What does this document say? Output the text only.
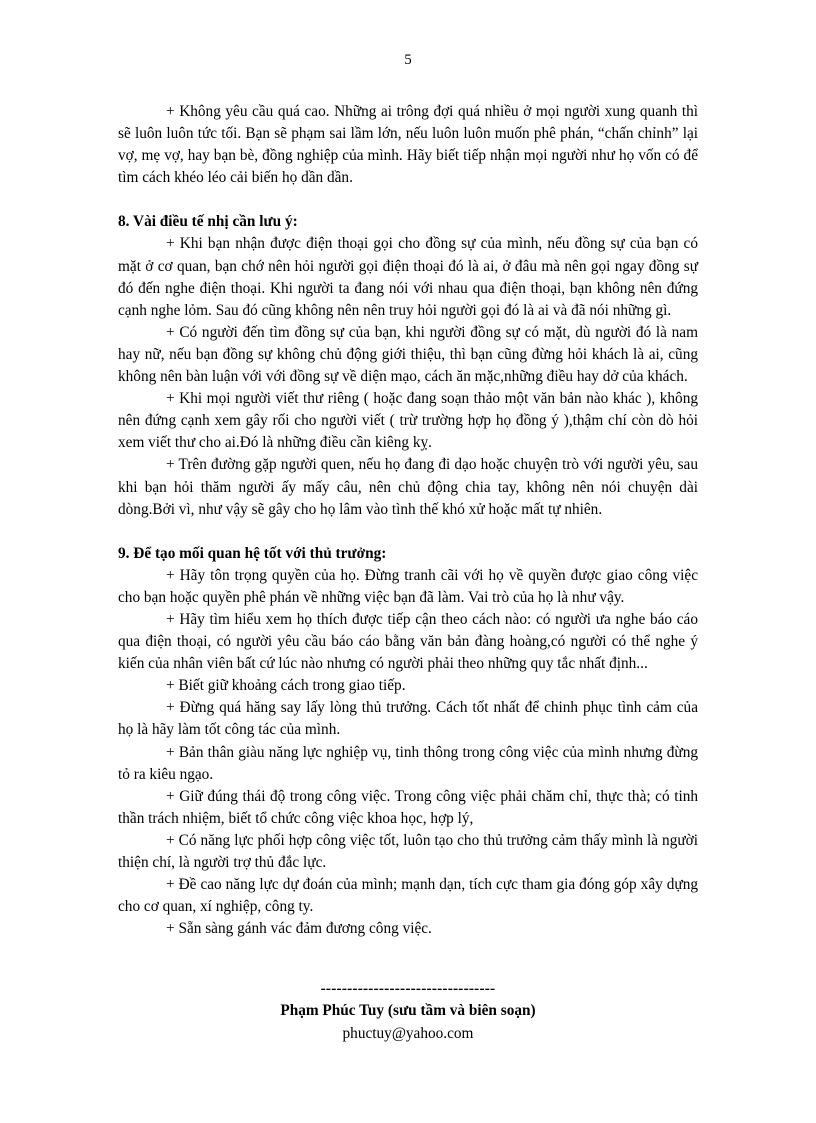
5

+ Không yêu cầu quá cao. Những ai trông đợi quá nhiều ở mọi người xung quanh thì sẽ luôn luôn tức tối. Bạn sẽ phạm sai lầm lớn, nếu luôn luôn muốn phê phán, “chấn chỉnh” lại vợ, mẹ vợ, hay bạn bè, đồng nghiệp của mình. Hãy biết tiếp nhận mọi người như họ vốn có để tìm cách khéo léo cải biến họ dần dần.

8. Vài điều tế nhị cần lưu ý:

+ Khi bạn nhận được điện thoại gọi cho đồng sự của mình, nếu đồng sự của bạn có mặt ở cơ quan, bạn chớ nên hỏi người gọi điện thoại đó là ai, ở đâu mà nên gọi ngay đồng sự đó đến nghe điện thoại. Khi người ta đang nói với nhau qua điện thoại, bạn không nên đứng cạnh nghe lỏm. Sau đó cũng không nên nên truy hỏi người gọi đó là ai và đã nói những gì.

+ Có người đến tìm đồng sự của bạn, khi người đồng sự có mặt, dù người đó là nam hay nữ, nếu bạn đồng sự không chủ động giới thiệu, thì bạn cũng đừng hỏi khách là ai, cũng không nên bàn luận với với đồng sự về diện mạo, cách ăn mặc,những điều hay dở của khách.

+ Khi mọi người viết thư riêng ( hoặc đang soạn thảo một văn bản nào khác ), không nên đứng cạnh xem gây rối cho người viết ( trừ trường hợp họ đồng ý ),thậm chí còn dò hỏi xem viết thư cho ai.Đó là những điều cần kiêng kỵ.

+ Trên đường gặp người quen, nếu họ đang đi dạo hoặc chuyện trò với người yêu, sau khi bạn hỏi thăm người ấy mấy câu, nên chủ động chia tay, không nên nói chuyện dài dòng.Bởi vì, như vậy sẽ gây cho họ lâm vào tình thế khó xử hoặc mất tự nhiên.

9. Để tạo mối quan hệ tốt với thủ trưởng:

+ Hãy tôn trọng quyền của họ. Đừng tranh cãi với họ về quyền được giao công việc cho bạn hoặc quyền phê phán về những việc bạn đã làm. Vai trò của họ là như vậy.

+ Hãy tìm hiểu xem họ thích được tiếp cận theo cách nào: có người ưa nghe báo cáo qua điện thoại, có người yêu cầu báo cáo bằng văn bản đàng hoàng,có người có thể nghe ý kiến của nhân viên bất cứ lúc nào nhưng có người phải theo những quy tắc nhất định...

+ Biết giữ khoảng cách trong giao tiếp.

+ Đừng quá hăng say lấy lòng thủ trưởng. Cách tốt nhất để chinh phục tình cảm của họ là hãy làm tốt công tác của mình.

+ Bản thân giàu năng lực nghiệp vụ, tinh thông trong công việc của mình nhưng đừng tỏ ra kiêu ngạo.

+ Giữ đúng thái độ trong công việc. Trong công việc phải chăm chỉ, thực thà; có tinh thần trách nhiệm, biết tổ chức công việc khoa học, hợp lý,

+ Có năng lực phối hợp công việc tốt, luôn tạo cho thủ trưởng cảm thấy mình là người thiện chí, là người trợ thủ đắc lực.

+ Đề cao năng lực dự đoán của mình; mạnh dạn, tích cực tham gia đóng góp xây dựng cho cơ quan, xí nghiệp, công ty.

+ Sẵn sàng gánh vác đảm đương công việc.

---------------------------------

Phạm Phúc Tuy (sưu tầm và biên soạn)

phuctuy@yahoo.com
